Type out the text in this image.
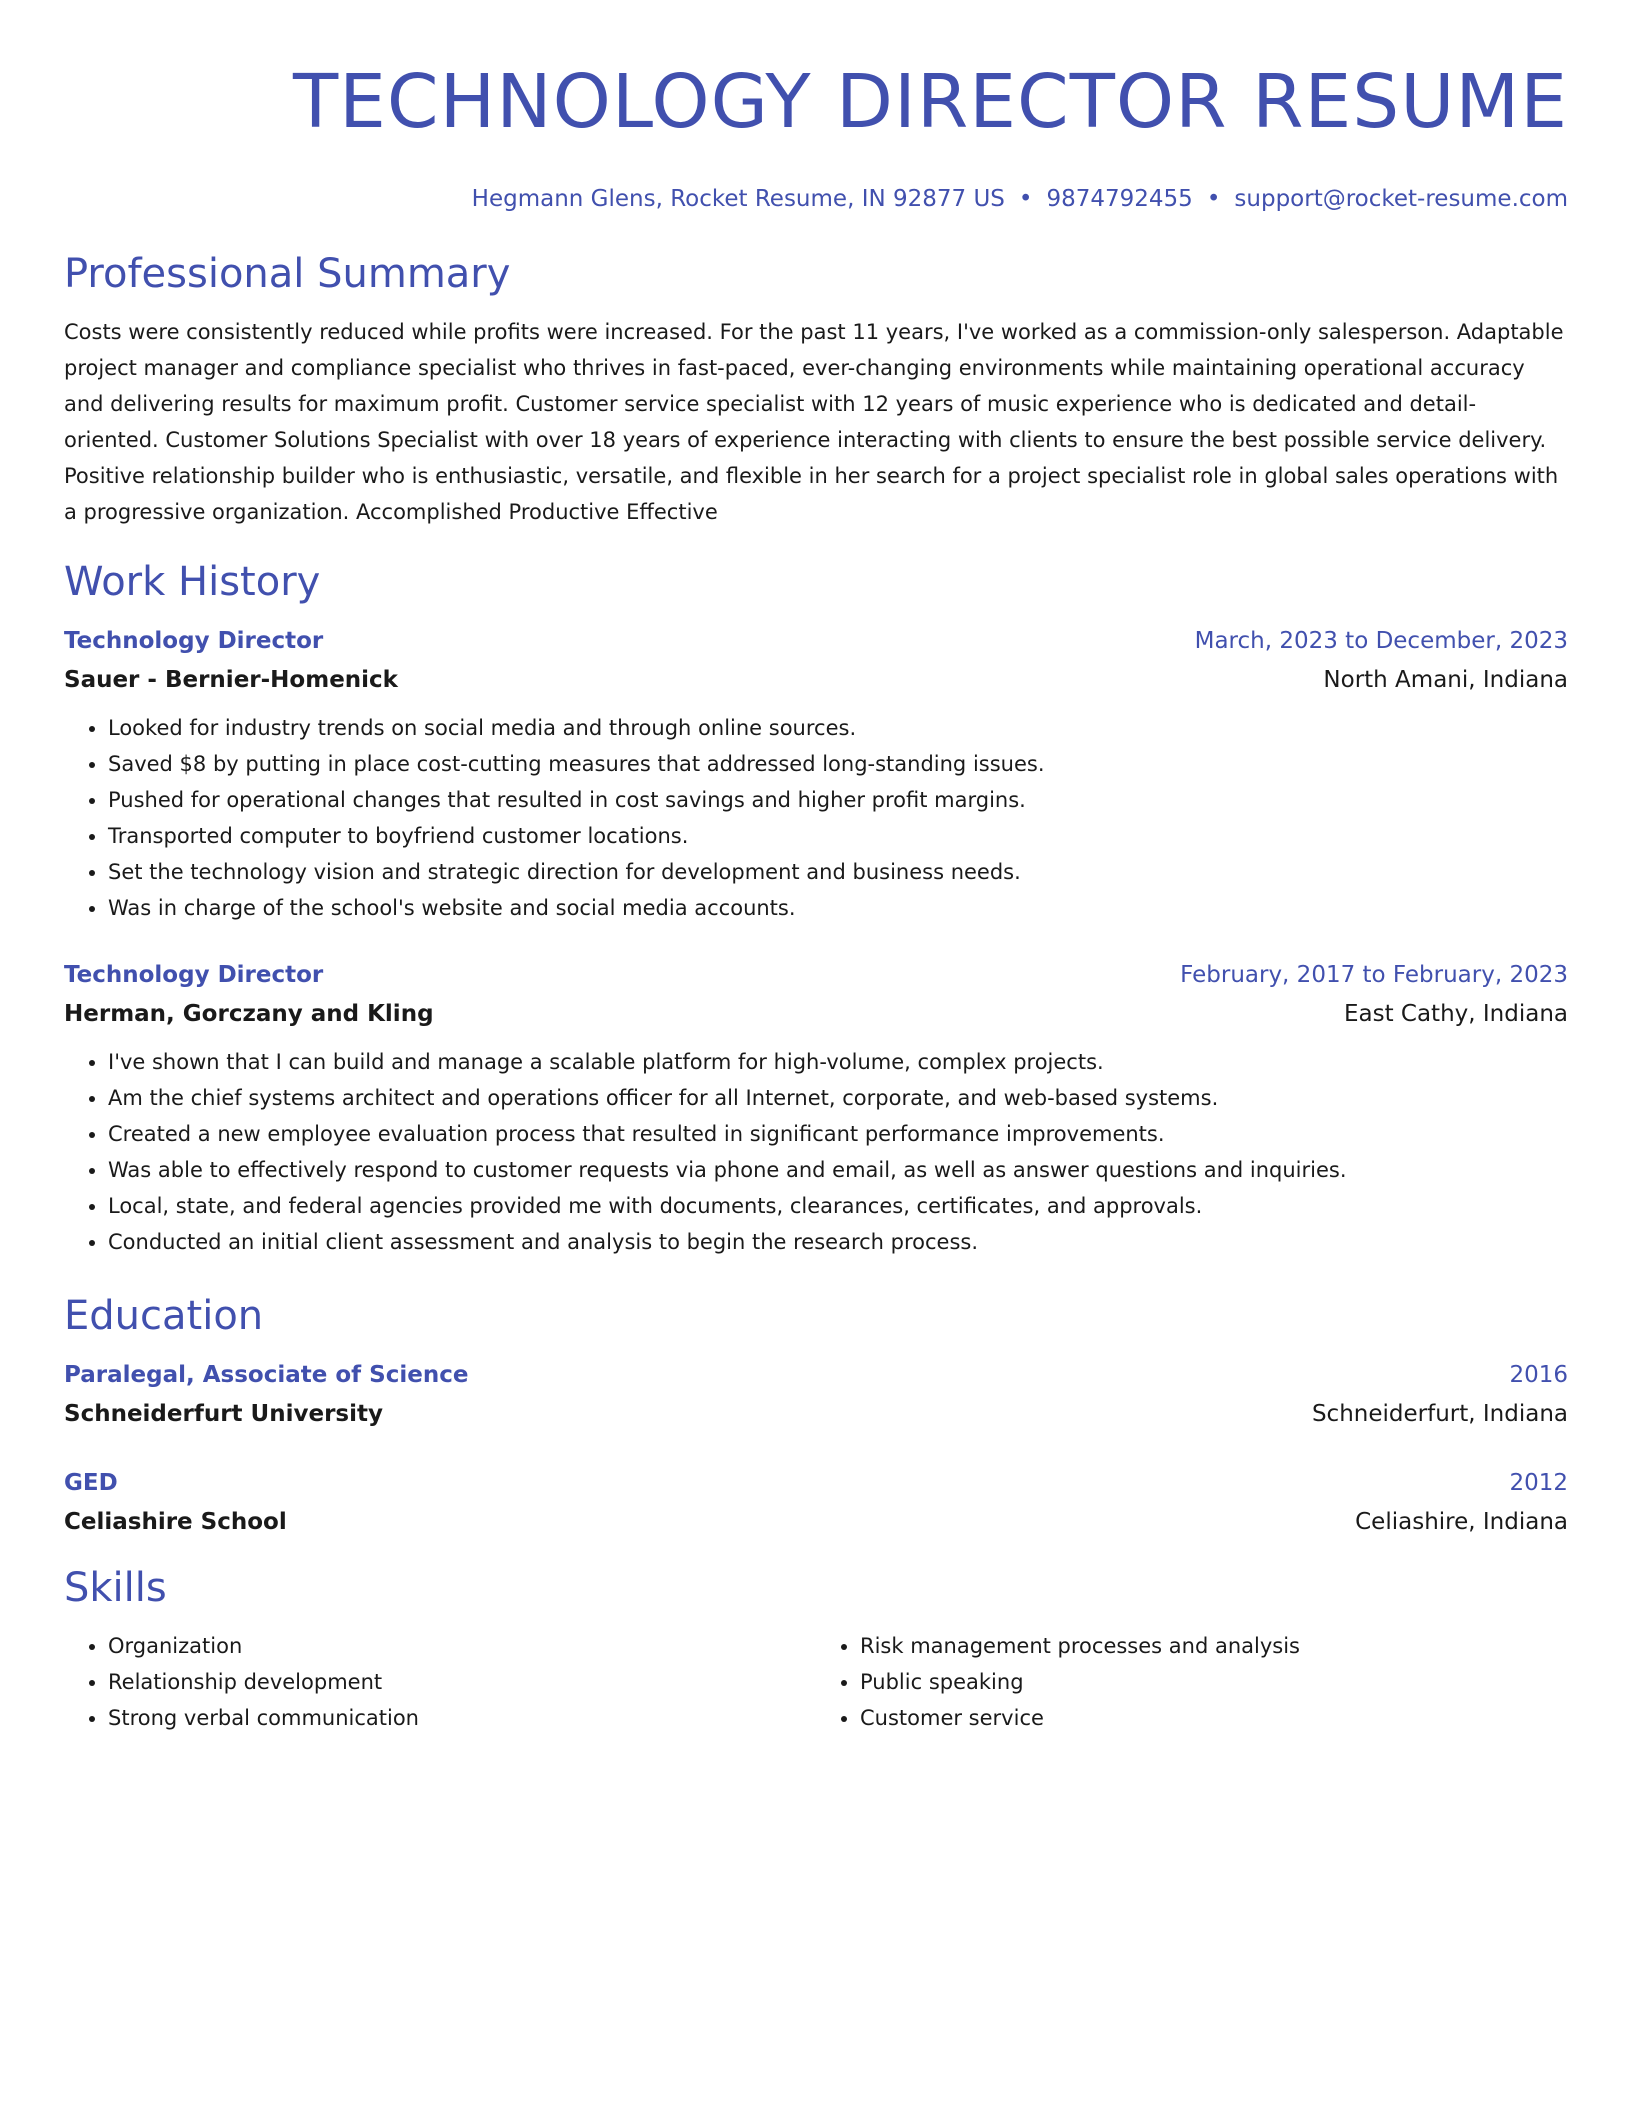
TECHNOLOGY DIRECTOR RESUME
Hegmann Glens, Rocket Resume, IN 92877 US • 9874792455 • support@rocket-resume.com
Professional Summary
Costs were consistently reduced while profits were increased. For the past 11 years, I've worked as a commission-only salesperson. Adaptable project manager and compliance specialist who thrives in fast-paced, ever-changing environments while maintaining operational accuracy and delivering results for maximum profit. Customer service specialist with 12 years of music experience who is dedicated and detail-oriented. Customer Solutions Specialist with over 18 years of experience interacting with clients to ensure the best possible service delivery. Positive relationship builder who is enthusiastic, versatile, and flexible in her search for a project specialist role in global sales operations with a progressive organization. Accomplished Productive Effective
Work History
Technology Director	March, 2023 to December, 2023
Sauer - Bernier-Homenick	North Amani, Indiana
• Looked for industry trends on social media and through online sources.
• Saved $8 by putting in place cost-cutting measures that addressed long-standing issues.
• Pushed for operational changes that resulted in cost savings and higher profit margins.
• Transported computer to boyfriend customer locations.
• Set the technology vision and strategic direction for development and business needs.
• Was in charge of the school's website and social media accounts.
Technology Director	February, 2017 to February, 2023
Herman, Gorczany and Kling	East Cathy, Indiana
• I've shown that I can build and manage a scalable platform for high-volume, complex projects.
• Am the chief systems architect and operations officer for all Internet, corporate, and web-based systems.
• Created a new employee evaluation process that resulted in significant performance improvements.
• Was able to effectively respond to customer requests via phone and email, as well as answer questions and inquiries.
• Local, state, and federal agencies provided me with documents, clearances, certificates, and approvals.
• Conducted an initial client assessment and analysis to begin the research process.
Education
Paralegal, Associate of Science	2016
Schneiderfurt University	Schneiderfurt, Indiana
GED	2012
Celiashire School	Celiashire, Indiana
Skills
• Organization
• Relationship development
• Strong verbal communication
• Risk management processes and analysis
• Public speaking
• Customer service
